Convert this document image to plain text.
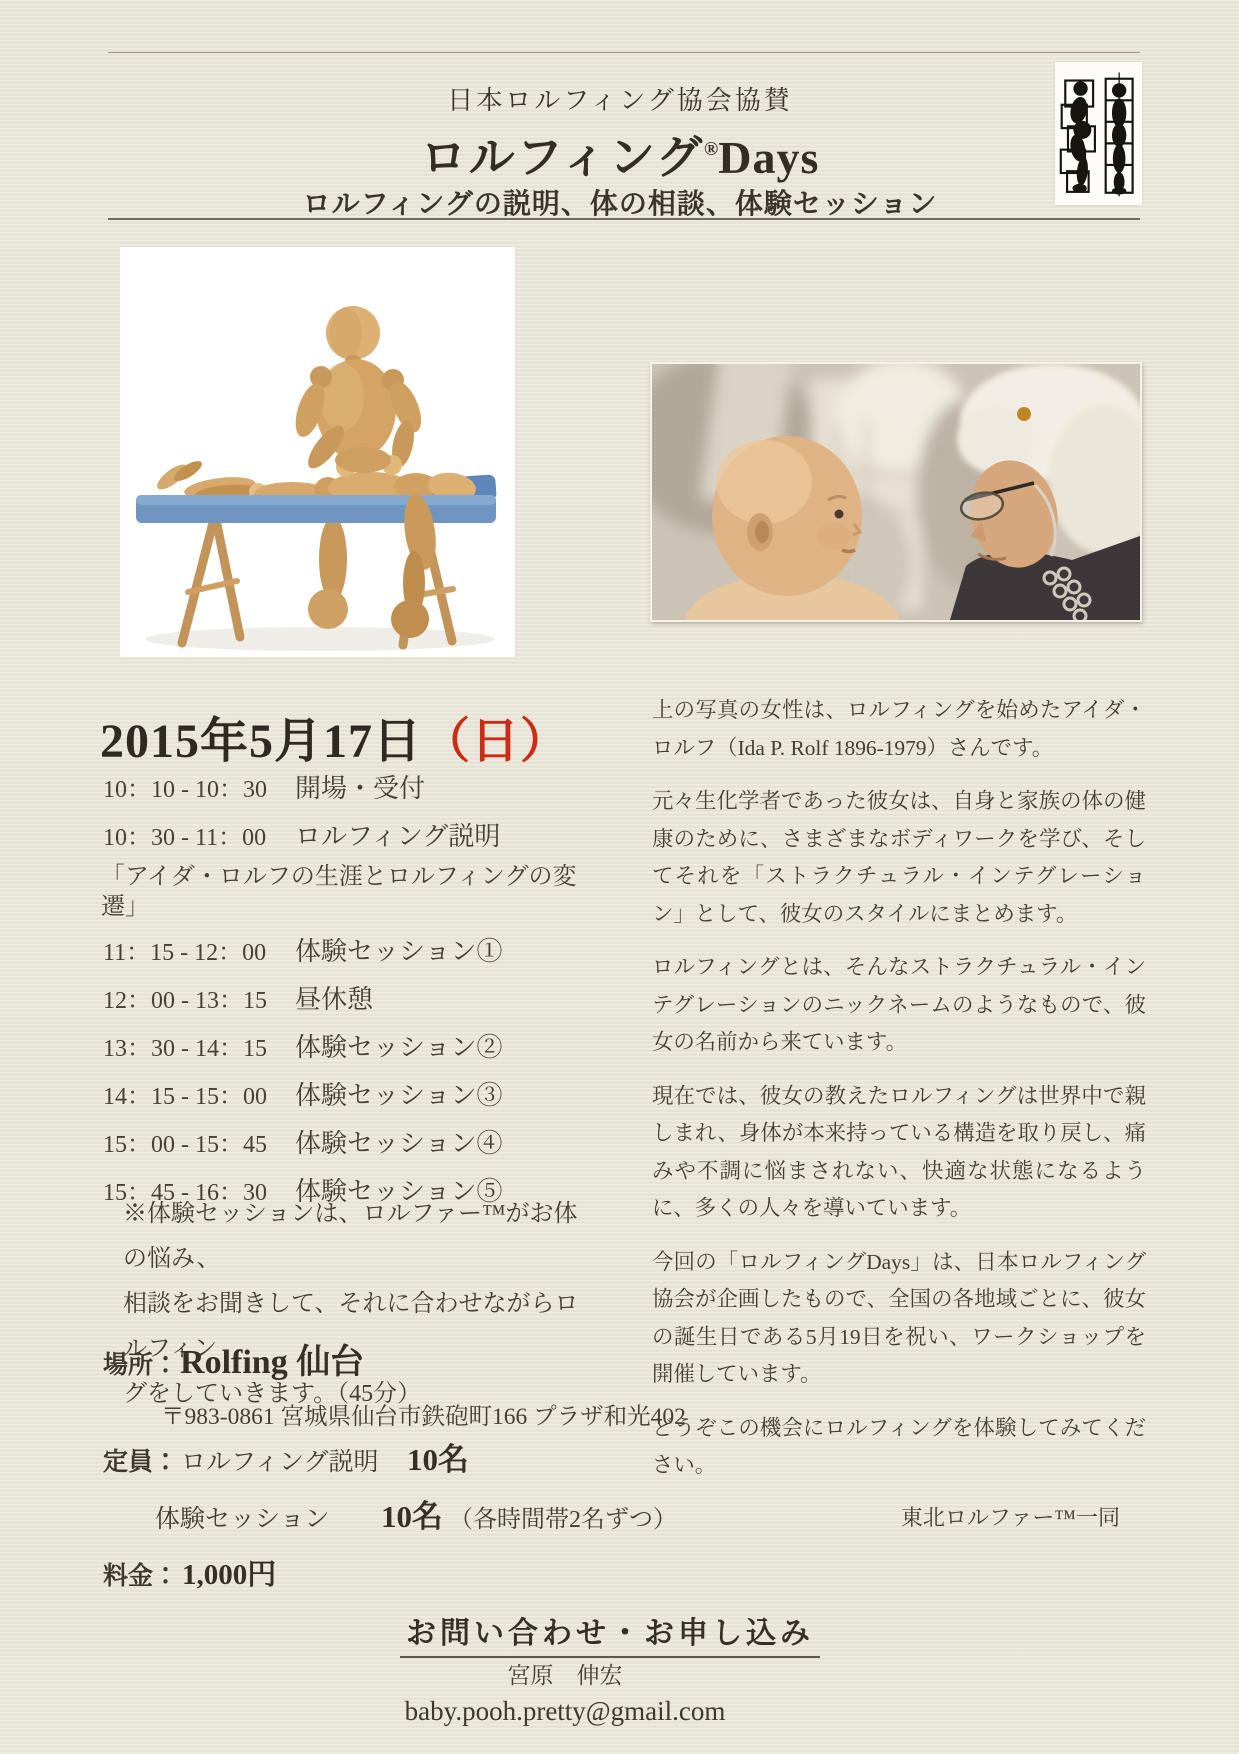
日本ロルフィング協会協賛
ロルフィング®Days
ロルフィングの説明、体の相談、体験セッション
2015年5月17日（日）
10：10 - 10：30	開場・受付
10：30 - 11：00	ロルフィング説明
「アイダ・ロルフの生涯とロルフィングの変遷」
11：15 - 12：00	体験セッション①
12：00 - 13：15	昼休憩
13：30 - 14：15	体験セッション②
14：15 - 15：00	体験セッション③
15：00 - 15：45	体験セッション④
15：45 - 16：30	体験セッション⑤
※体験セッションは、ロルファー™がお体の悩み、
相談をお聞きして、それに合わせながらロルフィン
グをしていきます。（45分）
場所： Rolfing 仙台
〒983-0861 宮城県仙台市鉄砲町166 プラザ和光402
定員： ロルフィング説明 10名
体験セッション	10名 （各時間帯2名ずつ）
料金： 1,000円

上の写真の女性は、ロルフィングを始めたアイダ・ロルフ（Ida P. Rolf 1896-1979）さんです。

元々生化学者であった彼女は、自身と家族の体の健康のために、さまざまなボディワークを学び、そしてそれを「ストラクチュラル・インテグレーション」として、彼女のスタイルにまとめます。

ロルフィングとは、そんなストラクチュラル・インテグレーションのニックネームのようなもので、彼女の名前から来ています。

現在では、彼女の教えたロルフィングは世界中で親しまれ、身体が本来持っている構造を取り戻し、痛みや不調に悩まされない、快適な状態になるように、多くの人々を導いています。

今回の「ロルフィングDays」は、日本ロルフィング協会が企画したもので、全国の各地域ごとに、彼女の誕生日である5月19日を祝い、ワークショップを開催しています。

どうぞこの機会にロルフィングを体験してみてください。

東北ロルファー™一同
お問い合わせ・お申し込み
宮原　伸宏
baby.pooh.pretty@gmail.com
